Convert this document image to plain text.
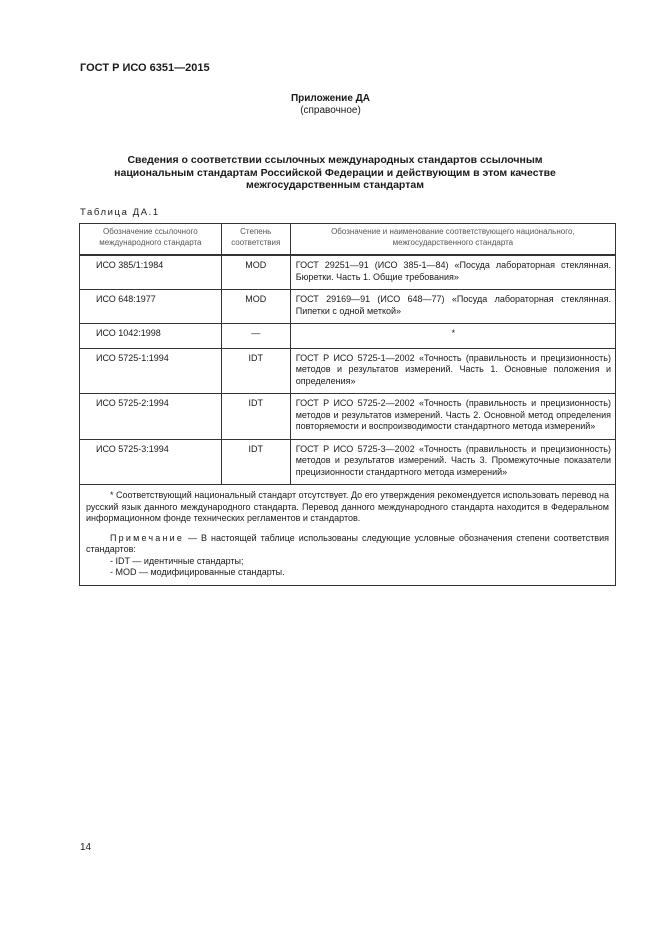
ГОСТ Р ИСО 6351—2015
Приложение ДА
(справочное)
Сведения о соответствии ссылочных международных стандартов ссылочным национальным стандартам Российской Федерации и действующим в этом качестве межгосударственным стандартам
Таблица ДА.1
Обозначение ссылочного международного стандарта	Степень соответствия	Обозначение и наименование соответствующего национального, межгосударственного стандарта
ИСО 385/1:1984	MOD	ГОСТ 29251—91 (ИСО 385-1—84) «Посуда лабораторная стеклянная. Бюретки. Часть 1. Общие требования»
ИСО 648:1977	MOD	ГОСТ 29169—91 (ИСО 648—77) «Посуда лабораторная стеклянная. Пипетки с одной меткой»
ИСО 1042:1998	—	*
ИСО 5725-1:1994	IDT	ГОСТ Р ИСО 5725-1—2002 «Точность (правильность и прецизионность) методов и результатов измерений. Часть 1. Основные положения и определения»
ИСО 5725-2:1994	IDT	ГОСТ Р ИСО 5725-2—2002 «Точность (правильность и прецизионность) методов и результатов измерений. Часть 2. Основной метод определения повторяемости и воспроизводимости стандартного метода измерений»
ИСО 5725-3:1994	IDT	ГОСТ Р ИСО 5725-3—2002 «Точность (правильность и прецизионность) методов и результатов измерений. Часть 3. Промежуточные показатели прецизионности стандартного метода измерений»

* Соответствующий национальный стандарт отсутствует. До его утверждения рекомендуется использовать перевод на русский язык данного международного стандарта. Перевод данного международного стандарта находится в Федеральном информационном фонде технических регламентов и стандартов.

Примечание — В настоящей таблице использованы следующие условные обозначения степени соответствия стандартов:

- IDT — идентичные стандарты;
- MOD — модифицированные стандарты.		
14
